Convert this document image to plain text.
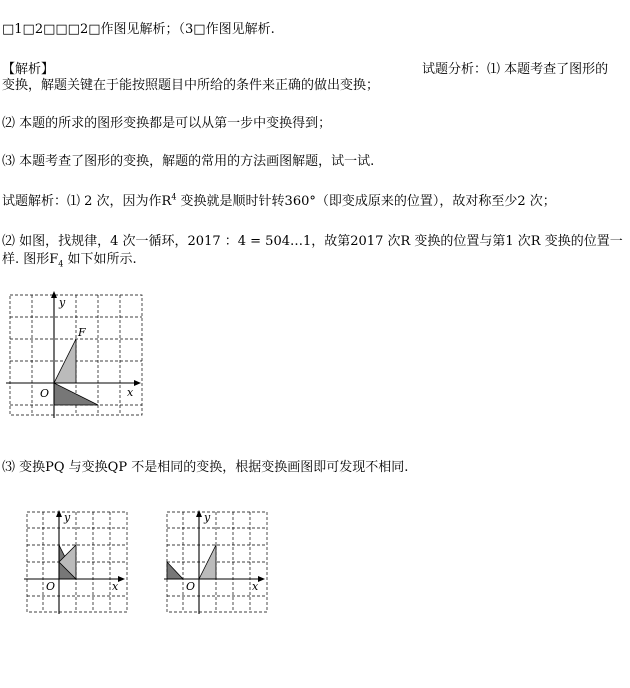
□1□2□□□2□作图见解析；（3□作图见解析.
【解析】	试题分析：⑴ 本题考查了图形的
变换，解题关键在于能按照题目中所给的条件来正确的做出变换；
⑵ 本题的所求的图形变换都是可以从第一步中变换得到；
⑶ 本题考查了图形的变换，解题的常用的方法画图解题，试一试.
试题解析：⑴ 2 次，因为作$R^4$ 变换就是顺时针转360°（即变成原来的位置），故对称至少2 次；
⑵ 如图，找规律，4 次一循环，2017 ：4 = 504…1，故第2017 次R 变换的位置与第1 次R 变换的位置一
样. 图形$F_4$ 如下如所示.
y
x
O
F
⑶ 变换PQ 与变换QP 不是相同的变换，根据变换画图即可发现不相同.
y
x
O
y
x
O
